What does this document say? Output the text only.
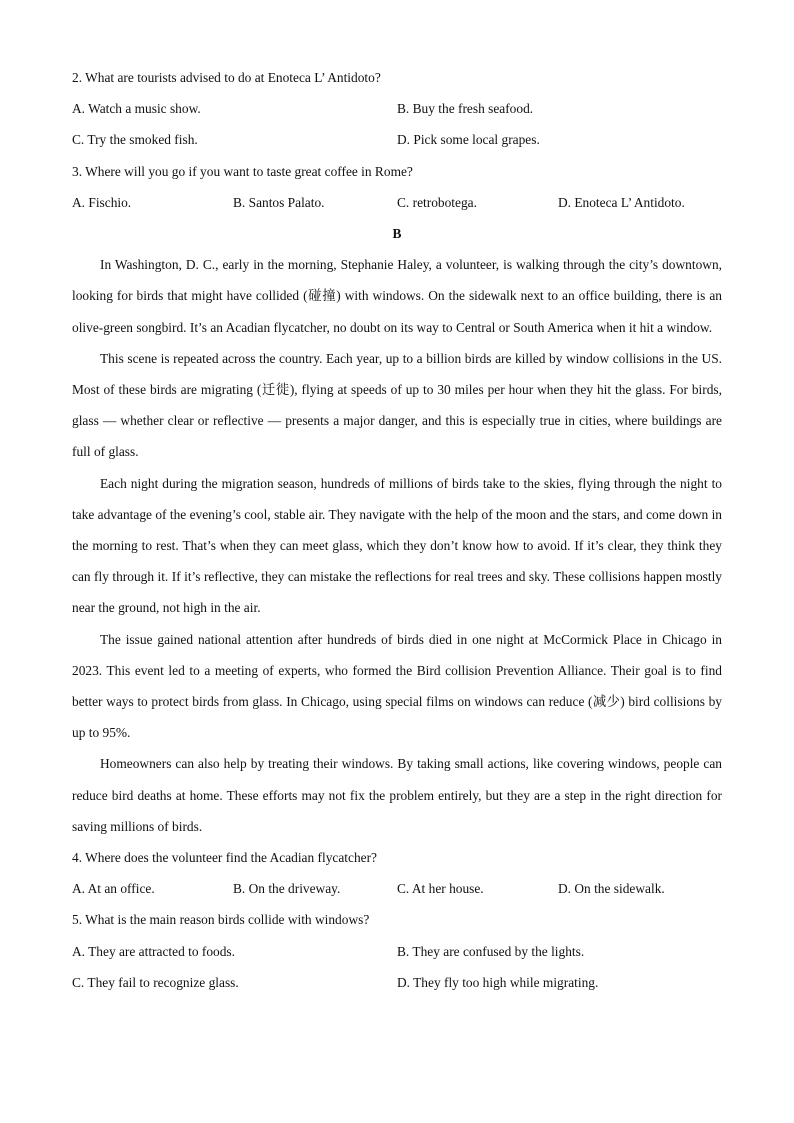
2. What are tourists advised to do at Enoteca L’ Antidoto?
A. Watch a music show.	B. Buy the fresh seafood.
C. Try the smoked fish.	D. Pick some local grapes.
3. Where will you go if you want to taste great coffee in Rome?
A. Fischio.	B. Santos Palato.	C. retrobotega.	D. Enoteca L’ Antidoto.
B

In Washington, D. C., early in the morning, Stephanie Haley, a volunteer, is walking through the city’s downtown, looking for birds that might have collided (碰撞) with windows. On the sidewalk next to an office building, there is an olive-green songbird. It’s an Acadian flycatcher, no doubt on its way to Central or South America when it hit a window.

This scene is repeated across the country. Each year, up to a billion birds are killed by window collisions in the US. Most of these birds are migrating (迁徙), flying at speeds of up to 30 miles per hour when they hit the glass. For birds, glass — whether clear or reflective — presents a major danger, and this is especially true in cities, where buildings are full of glass.

Each night during the migration season, hundreds of millions of birds take to the skies, flying through the night to take advantage of the evening’s cool, stable air. They navigate with the help of the moon and the stars, and come down in the morning to rest. That’s when they can meet glass, which they don’t know how to avoid. If it’s clear, they think they can fly through it. If it’s reflective, they can mistake the reflections for real trees and sky. These collisions happen mostly near the ground, not high in the air.

The issue gained national attention after hundreds of birds died in one night at McCormick Place in Chicago in 2023. This event led to a meeting of experts, who formed the Bird collision Prevention Alliance. Their goal is to find better ways to protect birds from glass. In Chicago, using special films on windows can reduce (减少) bird collisions by up to 95%.

Homeowners can also help by treating their windows. By taking small actions, like covering windows, people can reduce bird deaths at home. These efforts may not fix the problem entirely, but they are a step in the right direction for saving millions of birds.

4. Where does the volunteer find the Acadian flycatcher?
A. At an office.	B. On the driveway.	C. At her house.	D. On the sidewalk.
5. What is the main reason birds collide with windows?
A. They are attracted to foods.	B. They are confused by the lights.
C. They fail to recognize glass.	D. They fly too high while migrating.
